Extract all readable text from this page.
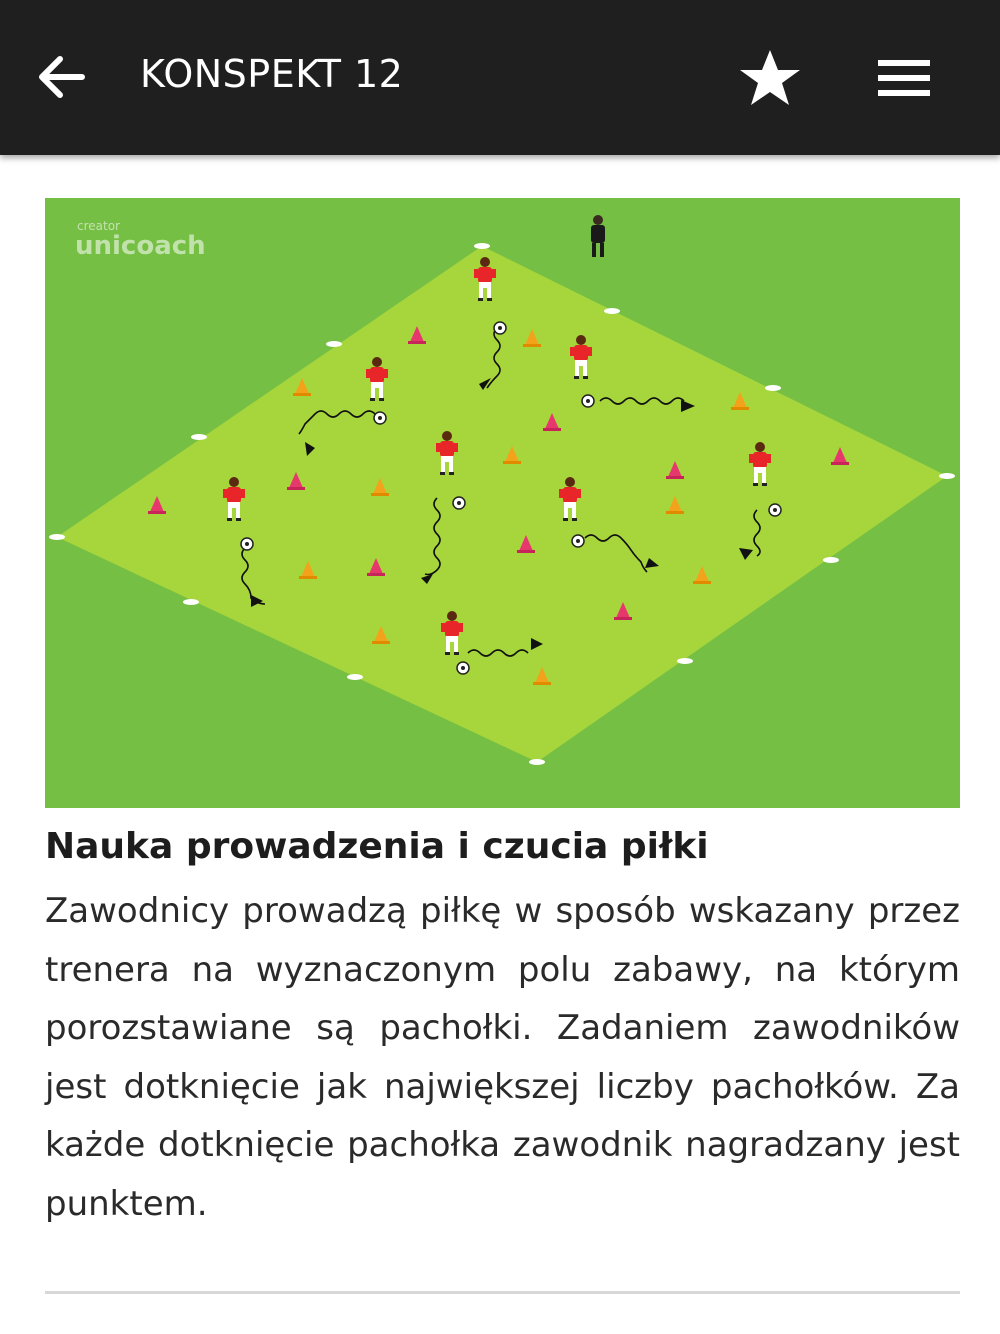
KONSPEKT 12
creator
unicoach
Nauka prowadzenia i czucia piłki

Zawodnicy prowadzą piłkę w sposób wskazany przez trenera na wyznaczonym polu zabawy, na którym porozstawiane są pachołki. Zadaniem zawodników jest dotknięcie jak największej liczby pachołków. Za każde dotknięcie pachołka zawodnik nagradzany jest punktem.
